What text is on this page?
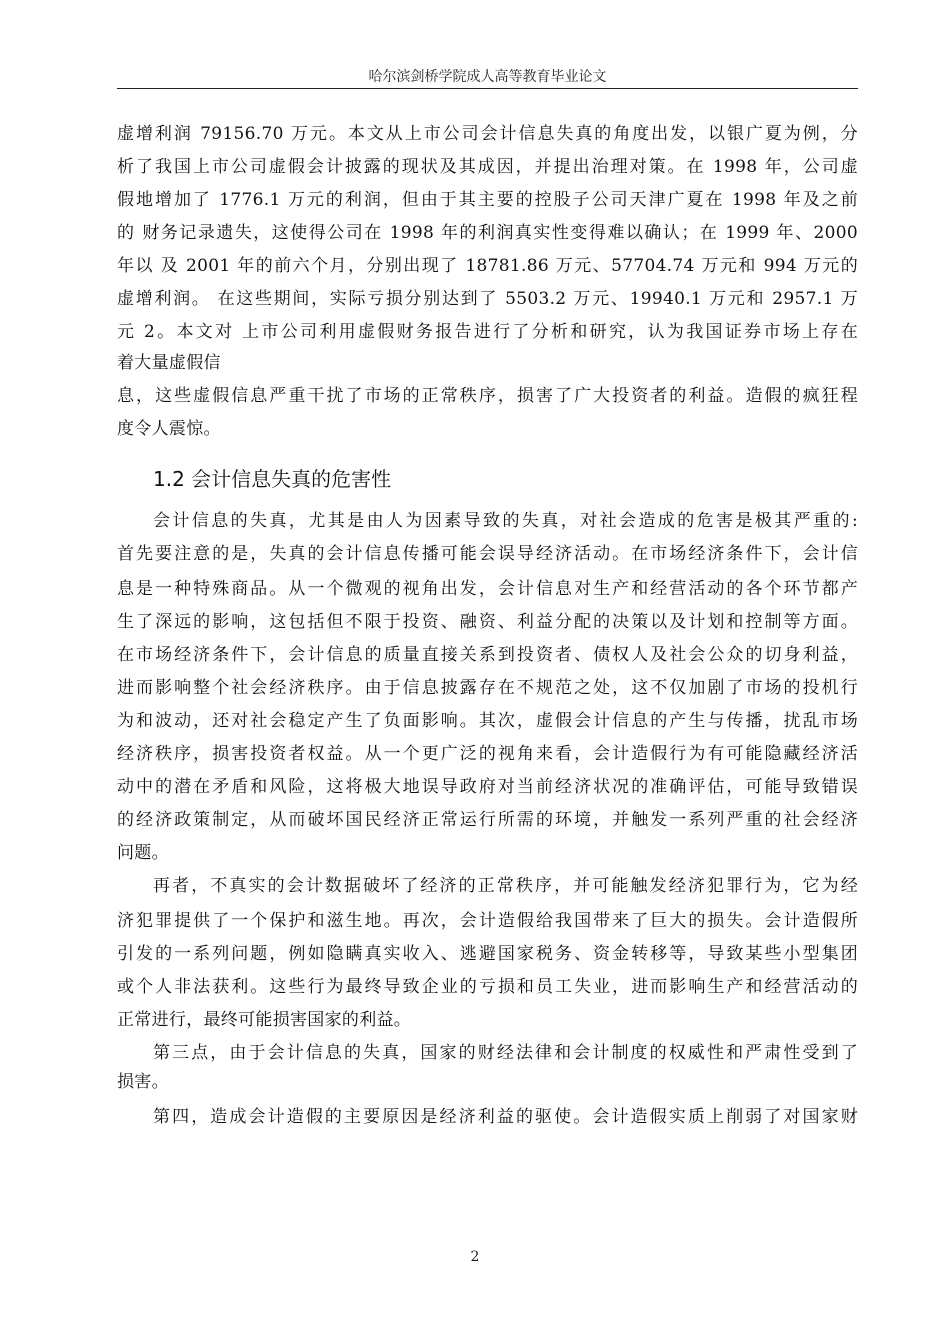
哈尔滨剑桥学院成人高等教育毕业论文
虚增利润 79156.70 万元。本文从上市公司会计信息失真的角度出发，以银广夏为例，分
析了我国上市公司虚假会计披露的现状及其成因，并提出治理对策。在 1998 年，公司虚
假地增加了 1776.1 万元的利润，但由于其主要的控股子公司天津广夏在 1998 年及之前
的 财务记录遗失，这使得公司在 1998 年的利润真实性变得难以确认；在 1999 年、2000
年以 及 2001 年的前六个月，分别出现了 18781.86 万元、57704.74 万元和 994 万元的
虚增利润。 在这些期间，实际亏损分别达到了 5503.2 万元、19940.1 万元和 2957.1 万
元 2。本文对 上市公司利用虚假财务报告进行了分析和研究，认为我国证券市场上存在
着大量虚假信
息，这些虚假信息严重干扰了市场的正常秩序，损害了广大投资者的利益。造假的疯狂程
度令人震惊。
1.2 会计信息失真的危害性
会计信息的失真，尤其是由人为因素导致的失真，对社会造成的危害是极其严重的:
首先要注意的是，失真的会计信息传播可能会误导经济活动。在市场经济条件下，会计信
息是一种特殊商品。从一个微观的视角出发，会计信息对生产和经营活动的各个环节都产
生了深远的影响，这包括但不限于投资、融资、利益分配的决策以及计划和控制等方面。
在市场经济条件下，会计信息的质量直接关系到投资者、债权人及社会公众的切身利益，
进而影响整个社会经济秩序。由于信息披露存在不规范之处，这不仅加剧了市场的投机行
为和波动，还对社会稳定产生了负面影响。其次，虚假会计信息的产生与传播，扰乱市场
经济秩序，损害投资者权益。从一个更广泛的视角来看，会计造假行为有可能隐藏经济活
动中的潜在矛盾和风险，这将极大地误导政府对当前经济状况的准确评估，可能导致错误
的经济政策制定，从而破坏国民经济正常运行所需的环境，并触发一系列严重的社会经济
问题。
再者，不真实的会计数据破坏了经济的正常秩序，并可能触发经济犯罪行为，它为经
济犯罪提供了一个保护和滋生地。再次，会计造假给我国带来了巨大的损失。会计造假所
引发的一系列问题，例如隐瞒真实收入、逃避国家税务、资金转移等，导致某些小型集团
或个人非法获利。这些行为最终导致企业的亏损和员工失业，进而影响生产和经营活动的
正常进行，最终可能损害国家的利益。
第三点，由于会计信息的失真，国家的财经法律和会计制度的权威性和严肃性受到了
损害。
第四，造成会计造假的主要原因是经济利益的驱使。会计造假实质上削弱了对国家财
2
